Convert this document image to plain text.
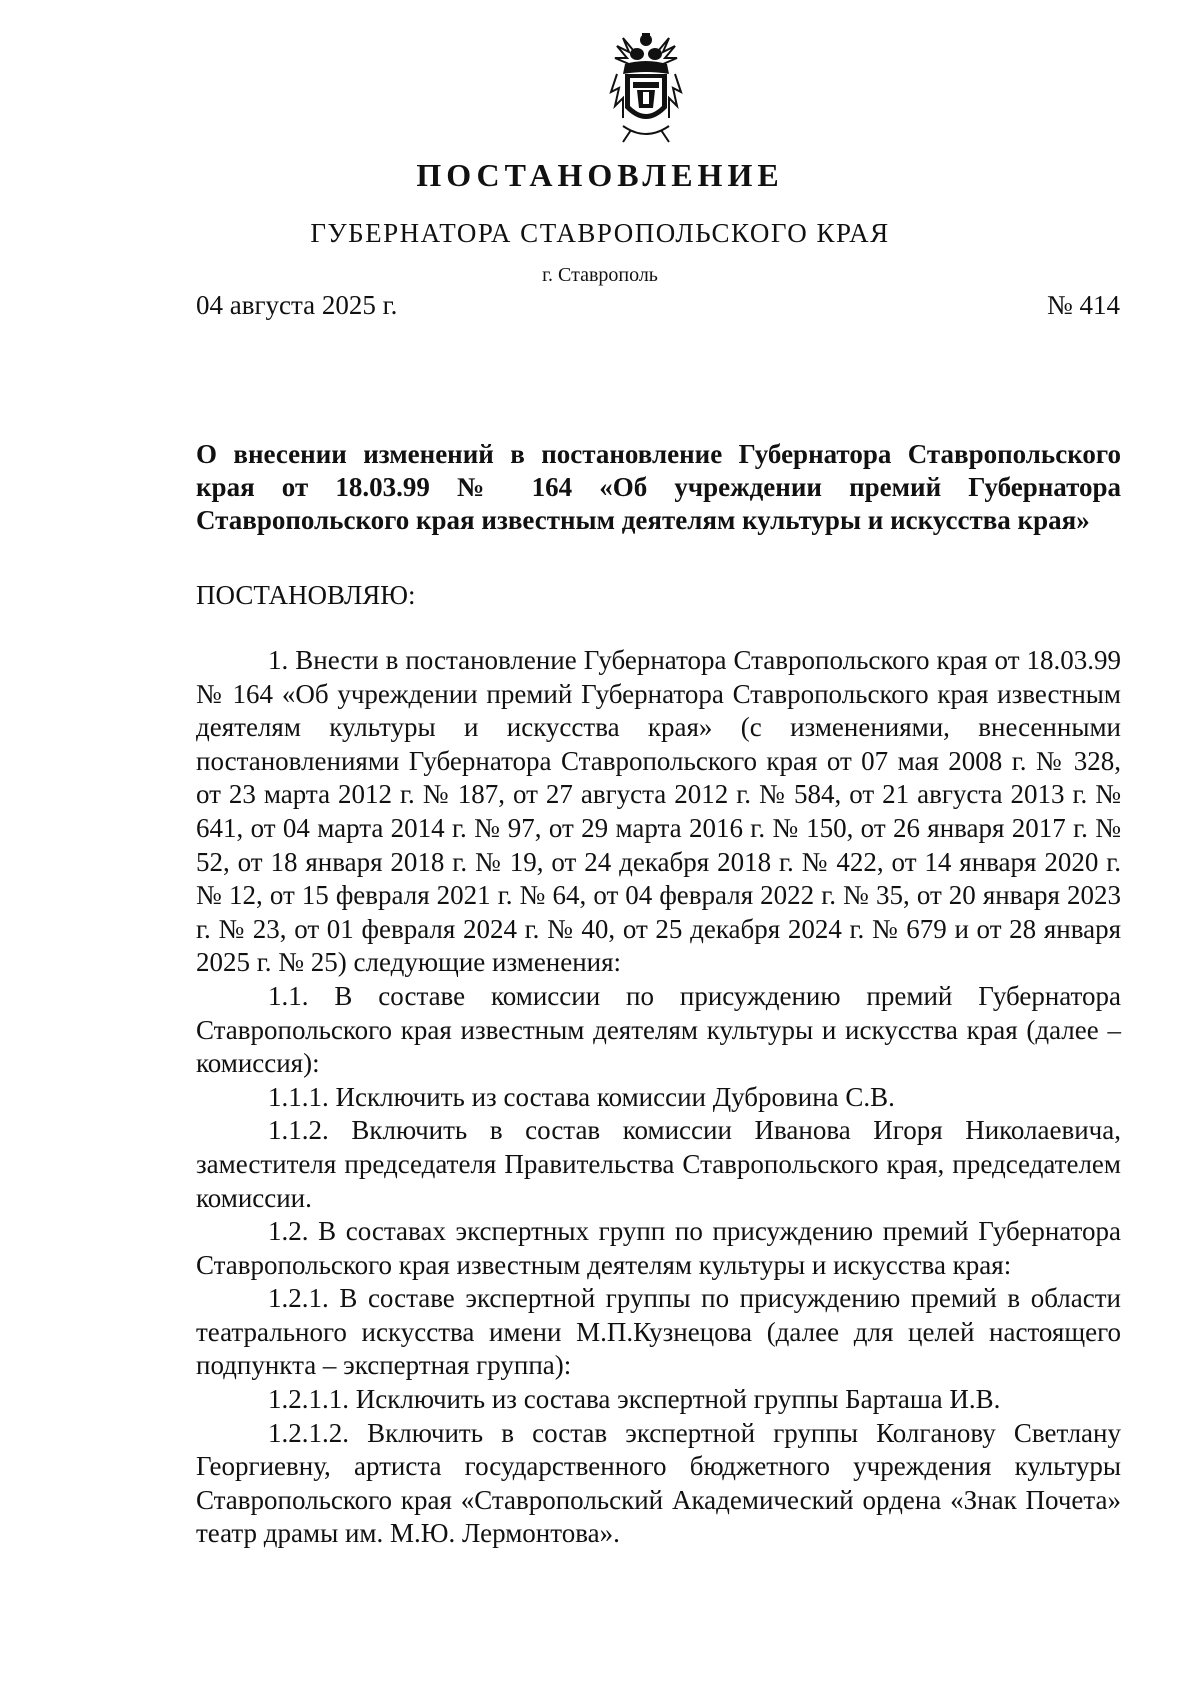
ПОСТАНОВЛЕНИЕ
ГУБЕРНАТОРА СТАВРОПОЛЬСКОГО КРАЯ
г. Ставрополь
04 августа 2025 г.	№ 414
О внесении изменений в постановление Губернатора Ставропольского края от 18.03.99 № 164 «Об учреждении премий Губернатора Ставропольского края известным деятелям культуры и искусства края»
ПОСТАНОВЛЯЮ:

1. Внести в постановление Губернатора Ставропольского края от 18.03.99 № 164 «Об учреждении премий Губернатора Ставропольского края известным деятелям культуры и искусства края» (с изменениями, внесенными постановлениями Губернатора Ставропольского края от 07 мая 2008 г. № 328, от 23 марта 2012 г. № 187, от 27 августа 2012 г. № 584, от 21 августа 2013 г. № 641, от 04 марта 2014 г. № 97, от 29 марта 2016 г. № 150, от 26 января 2017 г. № 52, от 18 января 2018 г. № 19, от 24 декабря 2018 г. № 422, от 14 января 2020 г. № 12, от 15 февраля 2021 г. № 64, от 04 февраля 2022 г. № 35, от 20 января 2023 г. № 23, от 01 февраля 2024 г. № 40, от 25 декабря 2024 г. № 679 и от 28 января 2025 г. № 25) следующие изменения:

1.1. В составе комиссии по присуждению премий Губернатора Ставропольского края известным деятелям культуры и искусства края (далее – комиссия):

1.1.1. Исключить из состава комиссии Дубровина С.В.

1.1.2. Включить в состав комиссии Иванова Игоря Николаевича, заместителя председателя Правительства Ставропольского края, председателем комиссии.

1.2. В составах экспертных групп по присуждению премий Губернатора Ставропольского края известным деятелям культуры и искусства края:

1.2.1. В составе экспертной группы по присуждению премий в области театрального искусства имени М.П.Кузнецова (далее для целей настоящего подпункта – экспертная группа):

1.2.1.1. Исключить из состава экспертной группы Барташа И.В.

1.2.1.2. Включить в состав экспертной группы Колганову Светлану Георгиевну, артиста государственного бюджетного учреждения культуры Ставропольского края «Ставропольский Академический ордена «Знак Почета» театр драмы им. М.Ю. Лермонтова».
